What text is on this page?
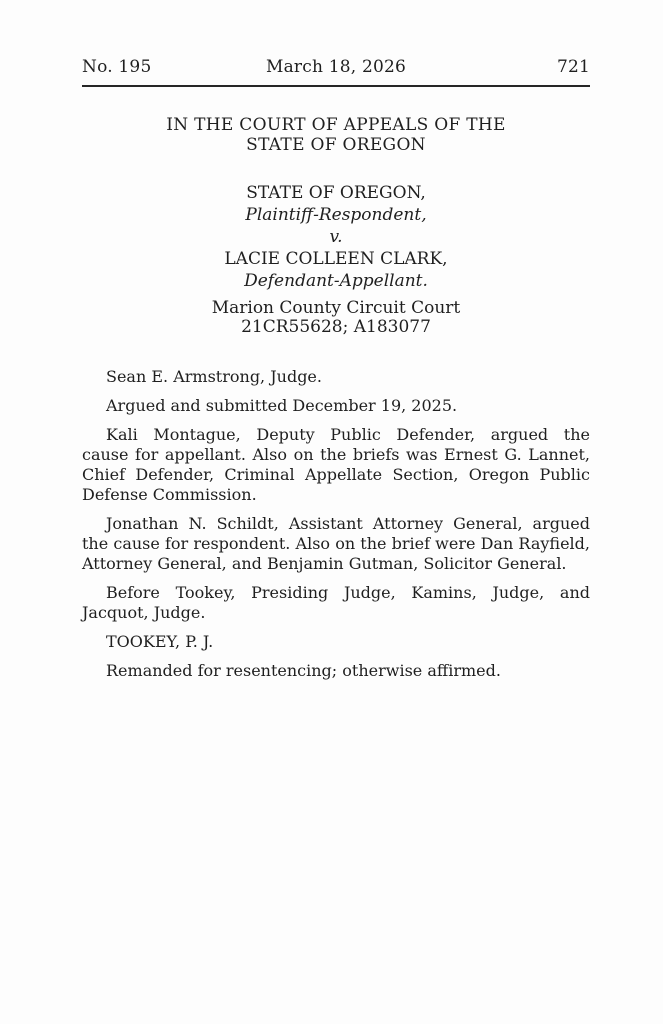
No. 195	March 18, 2026	721
IN THE COURT OF APPEALS OF THE
STATE OF OREGON
STATE OF OREGON,
Plaintiff-Respondent,
v.
LACIE COLLEEN CLARK,
Defendant-Appellant.
Marion County Circuit Court
21CR55628; A183077
Sean E. Armstrong, Judge.
Argued and submitted December 19, 2025.
Kali Montague, Deputy Public Defender, argued the
cause for appellant. Also on the briefs was Ernest G. Lannet,
Chief Defender, Criminal Appellate Section, Oregon Public
Defense Commission.
Jonathan N. Schildt, Assistant Attorney General, argued
the cause for respondent. Also on the brief were Dan Rayfield,
Attorney General, and Benjamin Gutman, Solicitor General.
Before Tookey, Presiding Judge, Kamins, Judge, and
Jacquot, Judge.
TOOKEY, P. J.
Remanded for resentencing; otherwise affirmed.
